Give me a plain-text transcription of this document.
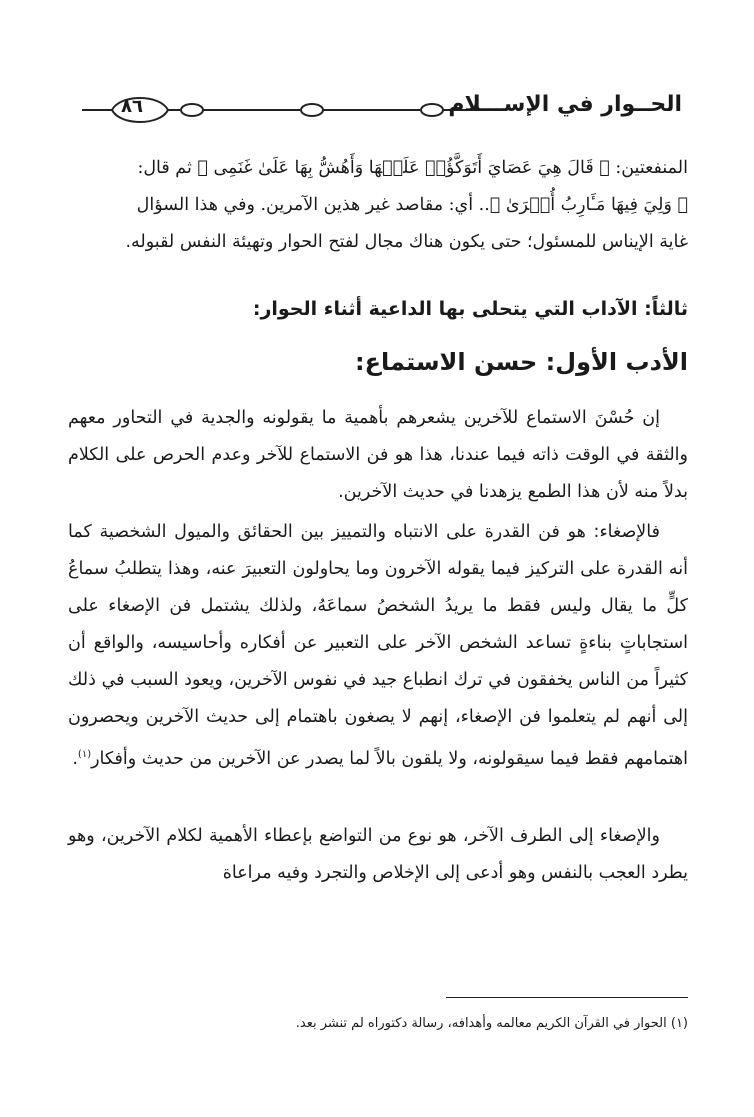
٨٦	الحــوار في الإســـلام

المنفعتين: ﴿ قَالَ هِيَ عَصَايَ أَتَوَكَّؤُا۟ عَلَيۡهَا وَأَهُشُّ بِهَا عَلَىٰ غَنَمِى ﴾ ثم قال:

﴿ وَلِيَ فِيهَا مَـَٔارِبُ أُخۡرَىٰ ﴾.. أي: مقاصد غير هذين الآمرين. وفي هذا السؤال

غاية الإيناس للمسئول؛ حتى يكون هناك مجال لفتح الحوار وتهيئة النفس لقبوله.

ثالثاً: الآداب التي يتحلى بها الداعية أثناء الحوار:
الأدب الأول: حسن الاستماع:

إن حُسْنَ الاستماع للآخرين يشعرهم بأهمية ما يقولونه والجدية في التحاور معهم والثقة في الوقت ذاته فيما عندنا، هذا هو فن الاستماع للآخر وعدم الحرص على الكلام بدلاً منه لأن هذا الطمع يزهدنا في حديث الآخرين.

فالإصغاء: هو فن القدرة على الانتباه والتمييز بين الحقائق والميول الشخصية كما أنه القدرة على التركيز فيما يقوله الآخرون وما يحاولون التعبيرَ عنه، وهذا يتطلبُ سماعُ كلٍّ ما يقال وليس فقط ما يريدُ الشخصُ سماعَهُ، ولذلك يشتمل فن الإصغاء على استجاباتٍ بناءةٍ تساعد الشخص الآخر على التعبير عن أفكاره وأحاسيسه، والواقع أن كثيراً من الناس يخفقون في ترك انطباع جيد في نفوس الآخرين، ويعود السبب في ذلك إلى أنهم لم يتعلموا فن الإصغاء، إنهم لا يصغون باهتمام إلى حديث الآخرين ويحصرون اهتمامهم فقط فيما سيقولونه، ولا يلقون بالاً لما يصدر عن الآخرين من حديث وأفكار$^{(١)}$.

والإصغاء إلى الطرف الآخر، هو نوع من التواضع بإعطاء الأهمية لكلام الآخرين، وهو يطرد العجب بالنفس وهو أدعى إلى الإخلاص والتجرد وفيه مراعاة

(١) الحوار في القرآن الكريم معالمه وأهدافه، رسالة دكتوراه لم تنشر بعد.
